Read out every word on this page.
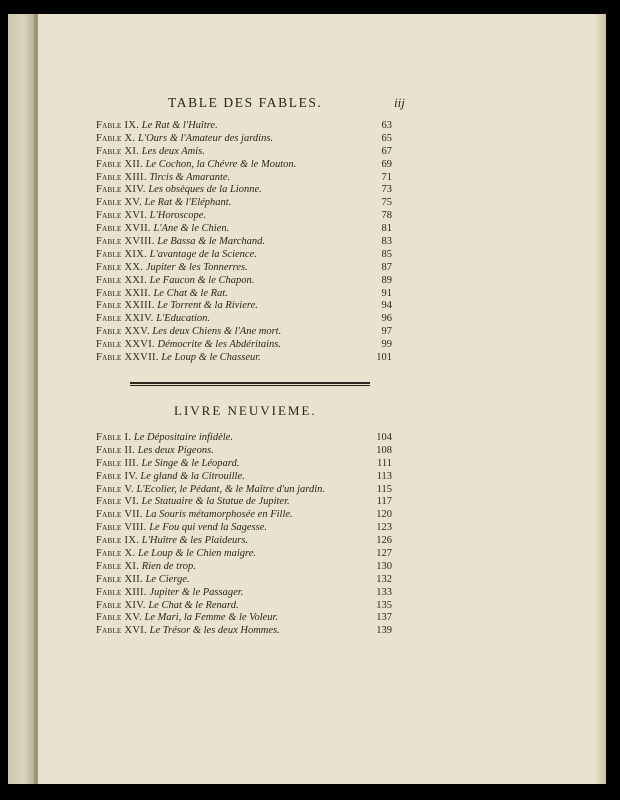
TABLE DES FABLES.	iij
Fable IX. Le Rat & l'Huître.	63
Fable X. L'Ours & l'Amateur des jardins.	65
Fable XI. Les deux Amis.	67
Fable XII. Le Cochon, la Chévre & le Mouton.	69
Fable XIII. Tircis & Amarante.	71
Fable XIV. Les obsèques de la Lionne.	73
Fable XV. Le Rat & l'Eléphant.	75
Fable XVI. L'Horoscope.	78
Fable XVII. L'Ane & le Chien.	81
Fable XVIII. Le Bassa & le Marchand.	83
Fable XIX. L'avantage de la Science.	85
Fable XX. Jupiter & les Tonnerres.	87
Fable XXI. Le Faucon & le Chapon.	89
Fable XXII. Le Chat & le Rat.	91
Fable XXIII. Le Torrent & la Riviere.	94
Fable XXIV. L'Education.	96
Fable XXV. Les deux Chiens & l'Ane mort.	97
Fable XXVI. Démocrite & les Abdéritains.	99
Fable XXVII. Le Loup & le Chasseur.	101
LIVRE NEUVIEME.
Fable I. Le Dépositaire infidèle.	104
Fable II. Les deux Pigeons.	108
Fable III. Le Singe & le Léopard.	111
Fable IV. Le gland & la Citrouille.	113
Fable V. L'Ecolier, le Pédant, & le Maître d'un jardin.	115
Fable VI. Le Statuaire & la Statue de Jupiter.	117
Fable VII. La Souris métamorphosée en Fille.	120
Fable VIII. Le Fou qui vend la Sagesse.	123
Fable IX. L'Huître & les Plaideurs.	126
Fable X. Le Loup & le Chien maigre.	127
Fable XI. Rien de trop.	130
Fable XII. Le Cierge.	132
Fable XIII. Jupiter & le Passager.	133
Fable XIV. Le Chat & le Renard.	135
Fable XV. Le Mari, la Femme & le Voleur.	137
Fable XVI. Le Trésor & les deux Hommes.	139
